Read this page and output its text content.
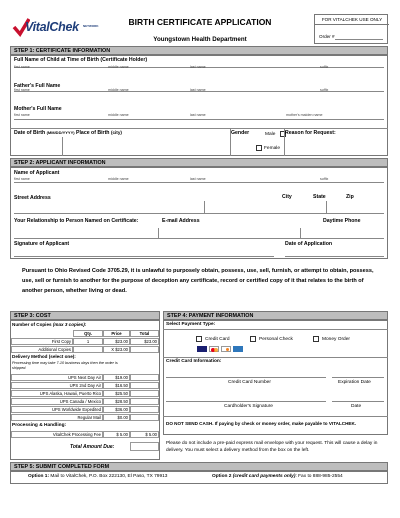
VitalChek NETWORK	BIRTH CERTIFICATE APPLICATION
Youngstown Health Department
FOR VITALCHEK USE ONLY
Order #
STEP 1: CERTIFICATE INFORMATION
Full Name of Child at Time of Birth (Certificate Holder)
first name	middle name	last name	suffix
Father's Full Name
first name	middle name	last name	suffix
Mother's Full Name
first name	middle name	last name	mother's maiden name
Date of Birth (MM/DD/YYYY) Place of Birth (city)	Gender	Male
Female
Reason for Request:
STEP 2: APPLICANT INFORMATION
Name of Applicant
first name	middle name	last name	suffix
Street Address	City	State	Zip
Your Relationship to Person Named on Certificate:	E-mail Address	Daytime Phone
Signature of Applicant	Date of Application
Pursuant to Ohio Revised Code 3705.29, it is unlawful to purposely obtain, possess, use, sell, furnish, or attempt to obtain, possess, use, sell or furnish to another for the purpose of deception any certificate, record or certified copy of it that relates to the birth of another person, whether living or dead.
STEP 3: COST
Number of Copies (max 3 copies):
Qty.	Price	Total
First Copy	1	$23.00	$23.00
Additional Copies	X $23.00
Delivery Method (select one):
Processing time may take 7-10 business days then the order is shipped.
UPS Next Day Air	$19.00
UPS 2nd Day Air	$16.50
UPS Alaska, Hawaii, Puerto Rico	$25.50
UPS Canada / Mexico	$28.50
UPS Worldwide Expedited	$36.00
Regular Mail	$0.00
Processing & Handling:
VitalChek Processing Fee	$ 5.00	$ 5.00
Total Amount Due:
STEP 4: PAYMENT INFORMATION
Select Payment Type:
Credit Card	Personal Check	Money Order
Credit Card Information:
Credit Card Number	Expiration Date
Cardholder's Signature	Date
DO NOT SEND CASH. If paying by check or money order, make payable to VITALCHEK.
Please do not include a pre-paid express mail envelope with your request. This will cause a delay in delivery. You must select a delivery method from the box on the left.
STEP 5: SUBMIT COMPLETED FORM
Option 1: Mail to VitalChek, P.O. Box 222130, El Paso, TX 79913	Option 2 (credit card payments only): Fax to 888-985-2554
